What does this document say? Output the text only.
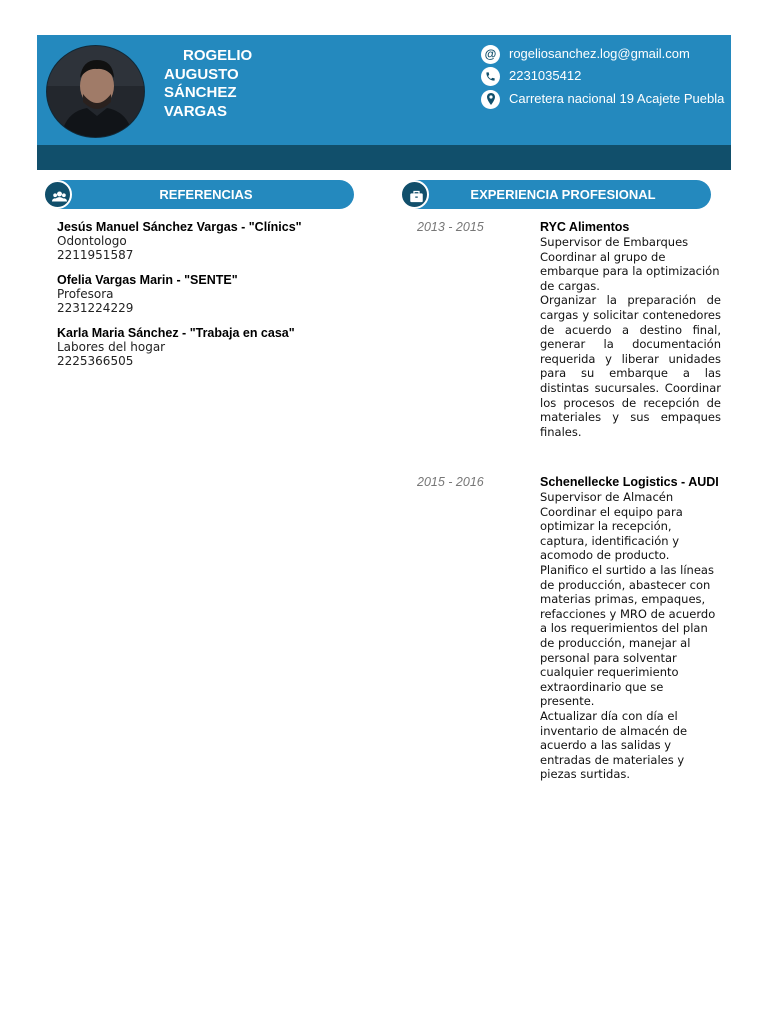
ROGELIO
AUGUSTO
SÁNCHEZ
VARGAS
@ rogeliosanchez.log@gmail.com
2231035412
Carretera nacional 19 Acajete Puebla
REFERENCIAS
Jesús Manuel Sánchez Vargas - "Clínics"
Odontologo
2211951587
Ofelia Vargas Marin - "SENTE"
Profesora
2231224229
Karla Maria Sánchez - "Trabaja en casa"
Labores del hogar
2225366505
EXPERIENCIA PROFESIONAL
2013 - 2015	RYC Alimentos
Supervisor de Embarques
Coordinar al grupo de embarque para la optimización de cargas.
Organizar la preparación de cargas y solicitar contenedores de acuerdo a destino final, generar la documentación requerida y liberar unidades para su embarque a las distintas sucursales. Coordinar los procesos de recepción de materiales y sus empaques finales.
2015 - 2016	Schenellecke Logistics - AUDI
Supervisor de Almacén
Coordinar el equipo para optimizar la recepción, captura, identificación y acomodo de producto.
Planifico el surtido a las líneas de producción, abastecer con materias primas, empaques, refacciones y MRO de acuerdo a los requerimientos del plan de producción, manejar al personal para solventar cualquier requerimiento extraordinario que se presente.
Actualizar día con día el inventario de almacén de acuerdo a las salidas y entradas de materiales y piezas surtidas.
